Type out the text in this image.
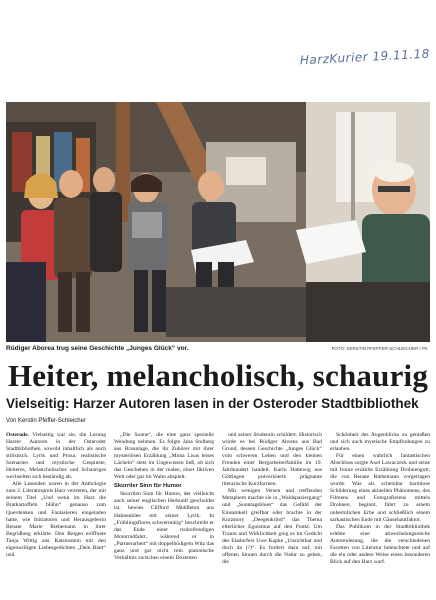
HarzKurier 19.11.18
Rüdiger Aborea trug seine Geschichte „Junges Glück“ vor.	FOTO: KERSTIN PFEFFER-SCHLEICHER / PK
Heiter, melancholisch, schaurig
Vielseitig: Harzer Autoren lasen in der Osteroder Stadtbibliothek
Von Kerstin Pfeffer-Schleicher

Osterode. Vielseitig war sie, die Lesung Harzer Autoren in der Osteroder Stadtbibliothek, sowohl inhaltlich als auch stilistisch. Lyrik und Prosa, realistische Szenarien und mystische Gespinste, Heiteres, Melancholisches und Schauriges wechselten sich beständig ab.

Alle Lesenden waren in der Anthologie zum 2. Literaturpreis Harz vertreten, der mit seinem Titel „Und wenn im Harz die Bratkartoffeln blühn“ genauso zum Querdenken und Fantasieren eingeladen hatte, wie Initiatoren und Herausgeberin Renate Marie Riehemann in ihrer Begrüßung erklärte. Den Reigen eröffnete Tanja Wittig aus Katzenstein mit den eigenwilligen Liebesgedichten „Dein Blatt“ und

„Die Sonne“, die eine ganz spezielle Wendung nehmen. Es folgte Jana Stolberg aus Braunlage, die ihr Zuhörer mit ihrer mysteriösen Erzählung „Mona Lisas leises Lächeln“ stets im Ungewissen ließ, ob sich das Geschehen in der realen, einer fiktiven Welt oder gar im Wahn abspielt.

Skurriler Sinn für Humor

Skurrilen Sinn für Humor, der vielleicht auch seiner englischen Herkunft geschuldet ist, bewies Clifford Middleton aus Hahnenklee mit seiner Lyrik. In „Frühlingsflores schwermütig“ beschreibt er das Ende einer risikofreudigen Motorradfahrt, während er in „Partnerarbeit“ mit doppelbödigem Witz das ganz und gar nicht rein platonische Verhältnis zwischen einem Dozenten

und seiner Studentin schildert. Historisch wurde es bei Rüdiger Aborea aus Bad Grund, dessen Geschichte „Junges Glück“ vom schweren Leben und den kleinen Freuden einer Bergarbeiterfamilie im 19. Jahrhundert handelt. Karin Hattewig aus Göttingen pulverisierte prägnante literarische Kurzformen.

Mit wenigen Versen und treffenden Metaphern machte sie in „Waldspaziergang“ und „Sonntagsblues“ das Gefühl der Einsamkeit greifbar oder brachte in der Kurzstory „Deegenkrind“ das Thema elterlicher Egoismus auf den Punkt. Um Traum und Wirklichkeit ging es im Gedicht des Eladorfers Uwe Kapke „Unsichtbar und doch da (?)“. Es fordert dazu auf, mit offenen Sinnen durch die Natur zu gehen, die

Schönheit des Augenblicks zu genießen und sich auch mystische Empfindungen zu erlauben.

Für einen wahrlich fantastischen Abschluss sorgte Axel Lawaczeck und seine mit Ironie erzählte Erzählung Drohnengott, die von Renate Riehemann vorgetragen wurde. Was als scheinbar harmlose Schilderung eines aktuellen Phänomens, des Filmens und Fotografierens mittels Drohnen, beginnt, führt zu einem unheimlichen Erbe und schließlich einem sarkastischen Ende mit Gänsehautfaktor.

Das Publikum in der Stadtbibliothek erlebte eine abwechslungsreiche Autorenlesung, die die verschiedenen Facetten von Literatur beleuchtete und auf die ein oder andere Weise einen besonderen Blick auf den Harz warf.
